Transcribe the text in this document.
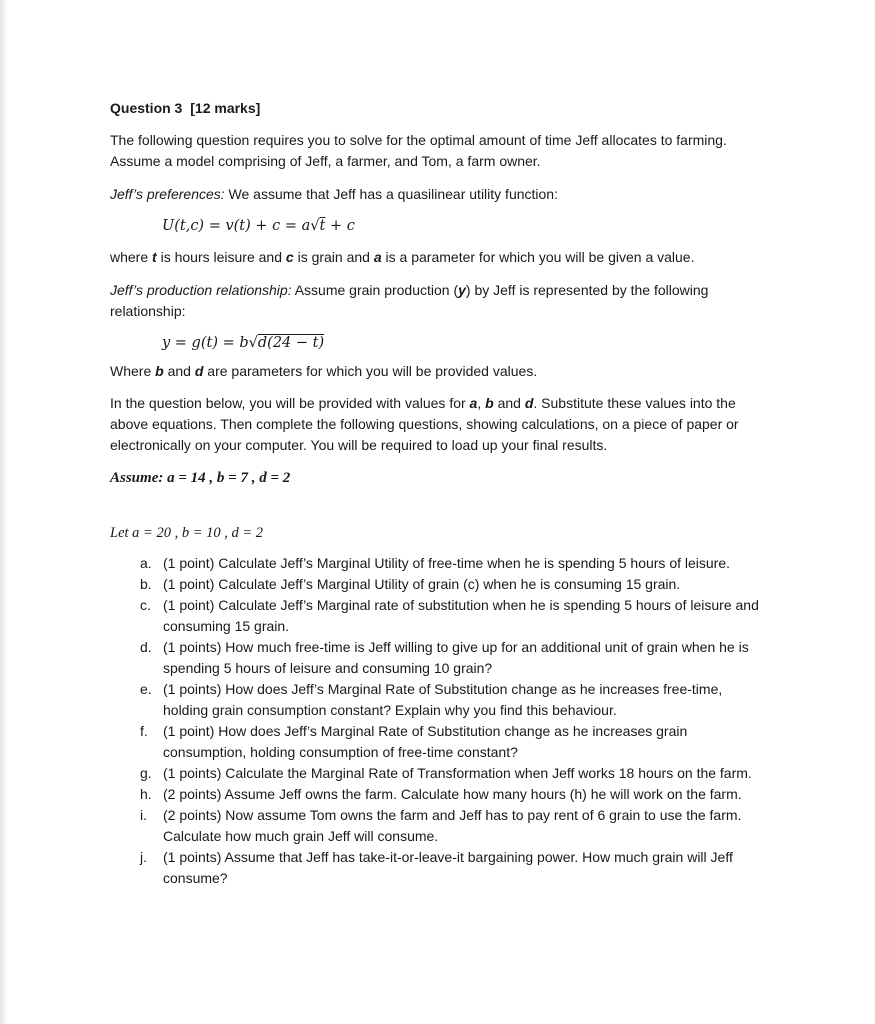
Question 3 [12 marks]

The following question requires you to solve for the optimal amount of time Jeff allocates to farming.

Assume a model comprising of Jeff, a farmer, and Tom, a farm owner.

Jeff’s preferences: We assume that Jeff has a quasilinear utility function:

U(t,c) = v(t) + c = a√t + c

where t is hours leisure and c is grain and a is a parameter for which you will be given a value.

Jeff’s production relationship: Assume grain production (y) by Jeff is represented by the following

relationship:

y = g(t) = b√d(24 − t)

Where b and d are parameters for which you will be provided values.

In the question below, you will be provided with values for a, b and d. Substitute these values into the

above equations. Then complete the following questions, showing calculations, on a piece of paper or

electronically on your computer. You will be required to load up your final results.

Assume: a = 14 , b = 7 , d = 2

Let a = 20 , b = 10 , d = 2

a. (1 point) Calculate Jeff’s Marginal Utility of free-time when he is spending 5 hours of leisure.
b. (1 point) Calculate Jeff’s Marginal Utility of grain (c) when he is consuming 15 grain.
c. (1 point) Calculate Jeff’s Marginal rate of substitution when he is spending 5 hours of leisure and
consuming 15 grain.
d. (1 points) How much free-time is Jeff willing to give up for an additional unit of grain when he is
spending 5 hours of leisure and consuming 10 grain?
e. (1 points) How does Jeff’s Marginal Rate of Substitution change as he increases free-time,
holding grain consumption constant? Explain why you find this behaviour.
f. (1 point) How does Jeff’s Marginal Rate of Substitution change as he increases grain
consumption, holding consumption of free-time constant?
g. (1 points) Calculate the Marginal Rate of Transformation when Jeff works 18 hours on the farm.
h. (2 points) Assume Jeff owns the farm. Calculate how many hours (h) he will work on the farm.
i. (2 points) Now assume Tom owns the farm and Jeff has to pay rent of 6 grain to use the farm.
Calculate how much grain Jeff will consume.
j. (1 points) Assume that Jeff has take-it-or-leave-it bargaining power. How much grain will Jeff
consume?
